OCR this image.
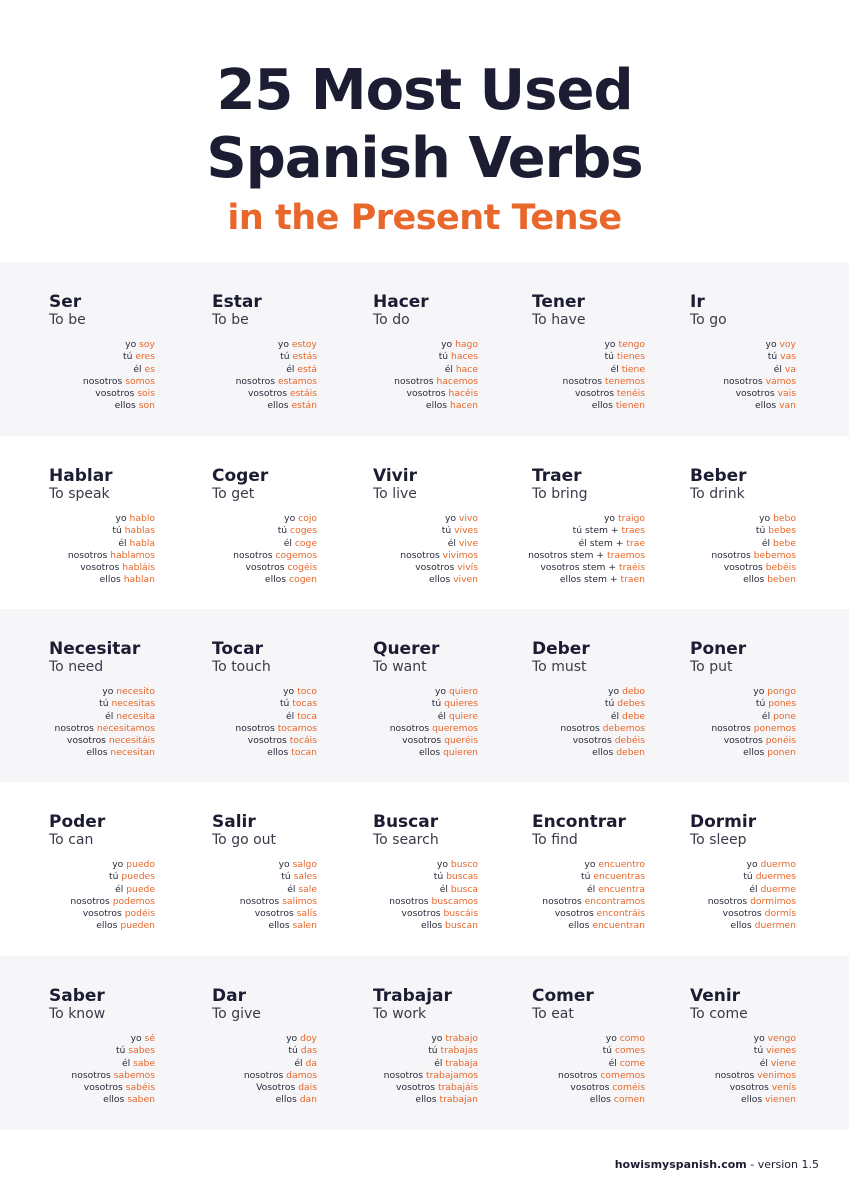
25 Most Used
Spanish Verbs
in the Present Tense
Ser
To be
yo soy
tú eres
él es
nosotros somos
vosotros sois
ellos son
Estar
To be
yo estoy
tú estás
él está
nosotros estamos
vosotros estáis
ellos están
Hacer
To do
yo hago
tú haces
él hace
nosotros hacemos
vosotros hacéis
ellos hacen
Tener
To have
yo tengo
tú tienes
él tiene
nosotros tenemos
vosotros tenéis
ellos tienen
Ir
To go
yo voy
tú vas
él va
nosotros vamos
vosotros vais
ellos van
Hablar
To speak
yo hablo
tú hablas
él habla
nosotros hablamos
vosotros habláis
ellos hablan
Coger
To get
yo cojo
tú coges
él coge
nosotros cogemos
vosotros cogéis
ellos cogen
Vivir
To live
yo vivo
tú vives
él vive
nosotros vivimos
vosotros vivís
ellos viven
Traer
To bring
yo traigo
tú stem + traes
él stem + trae
nosotros stem + traemos
vosotros stem + traéis
ellos stem + traen
Beber
To drink
yo bebo
tú bebes
él bebe
nosotros bebemos
vosotros bebéis
ellos beben
Necesitar
To need
yo necesito
tú necesitas
él necesita
nosotros necesitamos
vosotros necesitáis
ellos necesitan
Tocar
To touch
yo toco
tú tocas
él toca
nosotros tocamos
vosotros tocáis
ellos tocan
Querer
To want
yo quiero
tú quieres
él quiere
nosotros queremos
vosotros queréis
ellos quieren
Deber
To must
yo debo
tú debes
él debe
nosotros debemos
vosotros debéis
ellos deben
Poner
To put
yo pongo
tú pones
él pone
nosotros ponemos
vosotros ponéis
ellos ponen
Poder
To can
yo puedo
tú puedes
él puede
nosotros podemos
vosotros podéis
ellos pueden
Salir
To go out
yo salgo
tú sales
él sale
nosotros salimos
vosotros salís
ellos salen
Buscar
To search
yo busco
tú buscas
él busca
nosotros buscamos
vosotros buscáis
ellos buscan
Encontrar
To find
yo encuentro
tú encuentras
él encuentra
nosotros encontramos
vosotros encontráis
ellos encuentran
Dormir
To sleep
yo duermo
tú duermes
él duerme
nosotros dormimos
vosotros dormís
ellos duermen
Saber
To know
yo sé
tú sabes
él sabe
nosotros sabemos
vosotros sabéis
ellos saben
Dar
To give
yo doy
tú das
él da
nosotros damos
Vosotros dais
ellos dan
Trabajar
To work
yo trabajo
tú trabajas
él trabaja
nosotros trabajamos
vosotros trabajáis
ellos trabajan
Comer
To eat
yo como
tú comes
él come
nosotros comemos
vosotros coméis
ellos comen
Venir
To come
yo vengo
tú vienes
él viene
nosotros venimos
vosotros venís
ellos vienen
howismyspanish.com - version 1.5
